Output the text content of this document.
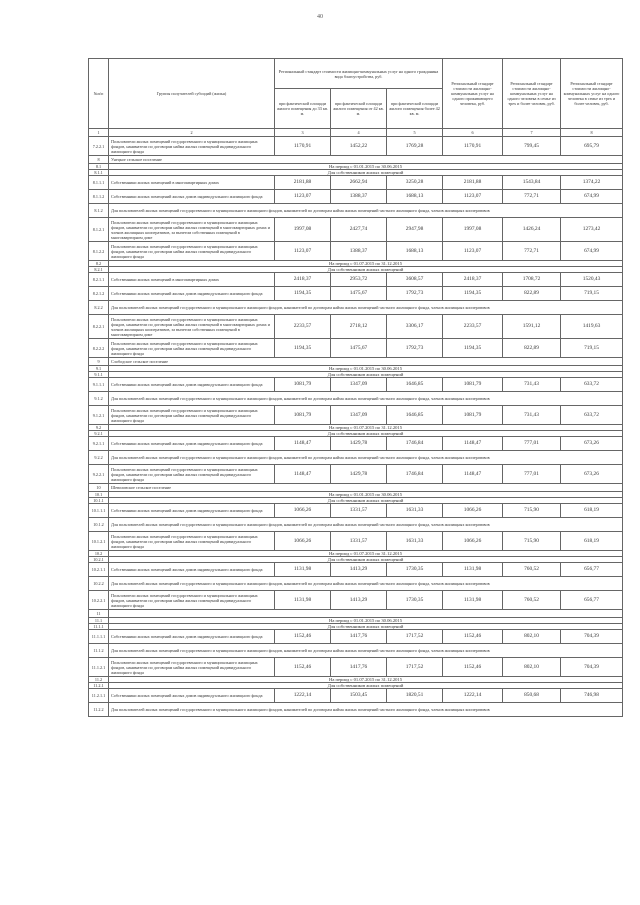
40
№п/п	Группы получателей субсидий (жилья)	Региональный стандарт стоимости жилищно-коммунальных услуг на одного гражданина вида благоустройства, руб.			Региональный стандарт стоимости жилищно-коммунальных услуг на одного проживающего человека, руб.	Региональный стандарт стоимости жилищно-коммунальных услуг на одного человека в семье из трех и более человек, руб.	Региональный стандарт стоимости жилищно-коммунальных услуг на одного человека в семье из трех и более человек, руб.
		при фактической площади жилого помещения до 33 кв. м.	при фактической площади жилого помещения от 42 кв. м.	при фактической площади жилого помещения более 42 кв. м.			
1	2	3	4	5	6	7	8
7.2.2.1	Пользователи жилых помещений государственного и муниципального жилищных фондов, наниматели по договорам найма жилых помещений индивидуального жилищного фонда	1170,91	1452,22	1769,28	1170,91	799,45	695,79
8	Унецкое сельское поселение						
8.1	На период с 01.01.2015 по 30.06.2015						
8.1.1	Для собственников жилых помещений						
8.1.1.1	Собственники жилых помещений в многоквартирных домах	2181,88	2662,94	3250,28	2181,88	1543,84	1374,22
8.1.1.2	Собственники жилых помещений жилых домов индивидуального жилищного фонда	1123,07	1388,37	1688,13	1123,07	772,71	674,99
8.1.2	Для пользователей жилых помещений государственного и муниципального жилищного фондов, нанимателей по договорам найма жилых помещений частного жилищного фонда, членов жилищных кооперативов						
8.1.2.1	Пользователи жилых помещений государственного и муниципального жилищных фондов, наниматели по договорам найма жилых помещений в многоквартирных домах и членов жилищных кооперативов, за вычетом собственных помещений в многоквартирном доме	1997,08	2427,74	2947,98	1997,08	1426,24	1273,42
8.1.2.2	Пользователи жилых помещений государственного и муниципального жилищных фондов, наниматели по договорам найма жилых помещений индивидуального жилищного фонда	1123,07	1388,37	1688,13	1123,07	772,71	674,99
8.2	На период с 01.07.2015 по 31.12.2015						
8.2.1	Для собственников жилых помещений						
8.2.1.1	Собственники жилых помещений в многоквартирных домах	2418,37	2953,72	3608,57	2418,37	1708,72	1520,43
8.2.1.2	Собственники жилых помещений жилых домов индивидуального жилищного фонда	1194,35	1475,67	1792,73	1194,35	822,89	719,15
8.2.2	Для пользователей жилых помещений государственного и муниципального жилищного фондов, нанимателей по договорам найма жилых помещений частного жилищного фонда, членов жилищных кооперативов						
8.2.2.1	Пользователи жилых помещений государственного и муниципального жилищных фондов, наниматели по договорам найма жилых помещений в многоквартирных домах и членов жилищных кооперативов, за вычетом собственных помещений в многоквартирном доме	2233,57	2718,12	3306,17	2233,57	1591,12	1419,63
8.2.2.2	Пользователи жилых помещений государственного и муниципального жилищных фондов, наниматели по договорам найма жилых помещений индивидуального жилищного фонда	1194,35	1475,67	1792,73	1194,35	822,89	719,15
9	Слободское сельское поселение						
9.1	На период с 01.01.2015 по 30.06.2015						
9.1.1	Для собственников жилых помещений						
9.1.1.1	Собственники жилых помещений жилых домов индивидуального жилищного фонда	1081,79	1347,09	1646,85	1081,79	731,43	633,72
9.1.2	Для пользователей жилых помещений государственного и муниципального жилищного фондов, нанимателей по договорам найма жилых помещений частного жилищного фонда, членов жилищных кооперативов						
9.1.2.1	Пользователи жилых помещений государственного и муниципального жилищных фондов, наниматели по договорам найма жилых помещений индивидуального жилищного фонда	1081,79	1347,09	1646,85	1081,79	731,43	633,72
9.2	На период с 01.07.2015 по 31.12.2015						
9.2.1	Для собственников жилых помещений						
9.2.1.1	Собственники жилых помещений жилых домов индивидуального жилищного фонда	1148,47	1429,78	1746,84	1148,47	777,01	673,26
9.2.2	Для пользователей жилых помещений государственного и муниципального жилищного фондов, нанимателей по договорам найма жилых помещений частного жилищного фонда, членов жилищных кооперативов						
9.2.2.1	Пользователи жилых помещений государственного и муниципального жилищных фондов, наниматели по договорам найма жилых помещений индивидуального жилищного фонда	1148,47	1429,78	1746,84	1148,47	777,01	673,26
10	Шеволовское сельское поселение						
10.1	На период с 01.01.2015 по 30.06.2015						
10.1.1	Для собственников жилых помещений						
10.1.1.1	Собственники жилых помещений жилых домов индивидуального жилищного фонда	1066,26	1331,57	1631,33	1066,26	715,90	618,19
10.1.2	Для пользователей жилых помещений государственного и муниципального жилищного фондов, нанимателей по договорам найма жилых помещений частного жилищного фонда, членов жилищных кооперативов						
10.1.2.1	Пользователи жилых помещений государственного и муниципального жилищных фондов, наниматели по договорам найма жилых помещений индивидуального жилищного фонда	1066,26	1331,57	1631,33	1066,26	715,90	618,19
10.2	На период с 01.07.2015 по 31.12.2015						
10.2.1	Для собственников жилых помещений						
10.2.1.1	Собственники жилых помещений жилых домов индивидуального жилищного фонда	1131,98	1413,29	1730,35	1131,98	760,52	656,77
10.2.2	Для пользователей жилых помещений государственного и муниципального жилищного фондов, нанимателей по договорам найма жилых помещений частного жилищного фонда, членов жилищных кооперативов						
10.2.2.1	Пользователи жилых помещений государственного и муниципального жилищных фондов, наниматели по договорам найма жилых помещений индивидуального жилищного фонда	1131,98	1413,29	1730,35	1131,98	760,52	656,77
11							
11.1	На период с 01.01.2015 по 30.06.2015						
11.1.1	Для собственников жилых помещений						
11.1.1.1	Собственники жилых помещений жилых домов индивидуального жилищного фонда	1152,46	1417,76	1717,52	1152,46	802,10	704,39
11.1.2	Для пользователей жилых помещений государственного и муниципального жилищного фондов, нанимателей по договорам найма жилых помещений частного жилищного фонда, членов жилищных кооперативов						
11.1.2.1	Пользователи жилых помещений государственного и муниципального жилищных фондов, наниматели по договорам найма жилых помещений индивидуального жилищного фонда	1152,46	1417,76	1717,52	1152,46	802,10	704,39
11.2	На период с 01.07.2015 по 31.12.2015						
11.2.1	Для собственников жилых помещений						
11.2.1.1	Собственники жилых помещений жилых домов индивидуального жилищного фонда	1222,14	1503,45	1820,51	1222,14	850,68	746,98
11.2.2	Для пользователей жилых помещений государственного и муниципального жилищного фондов, нанимателей по договорам найма жилых помещений частного жилищного фонда, членов жилищных кооперативов						
